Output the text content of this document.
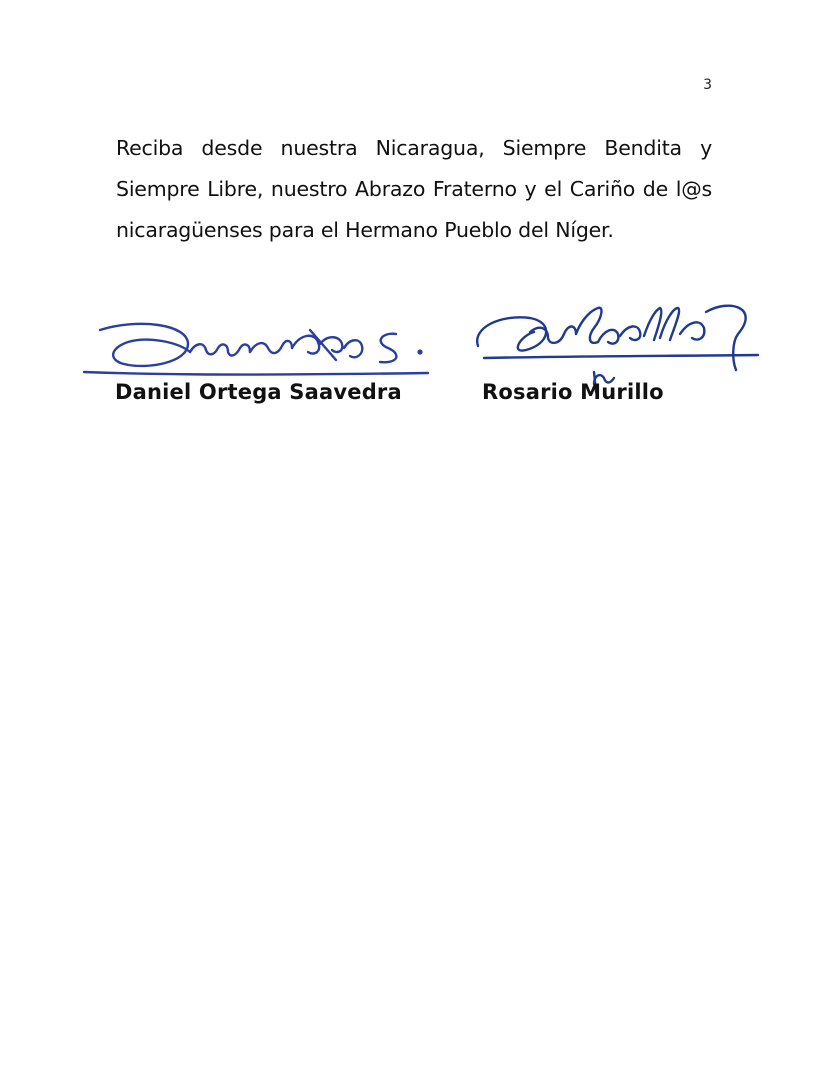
3

Reciba desde nuestra Nicaragua, Siempre Bendita y Siempre Libre, nuestro Abrazo Fraterno y el Cariño de l@s nicaragüenses para el Hermano Pueblo del Níger.

Daniel Ortega Saavedra	Rosario Murillo
